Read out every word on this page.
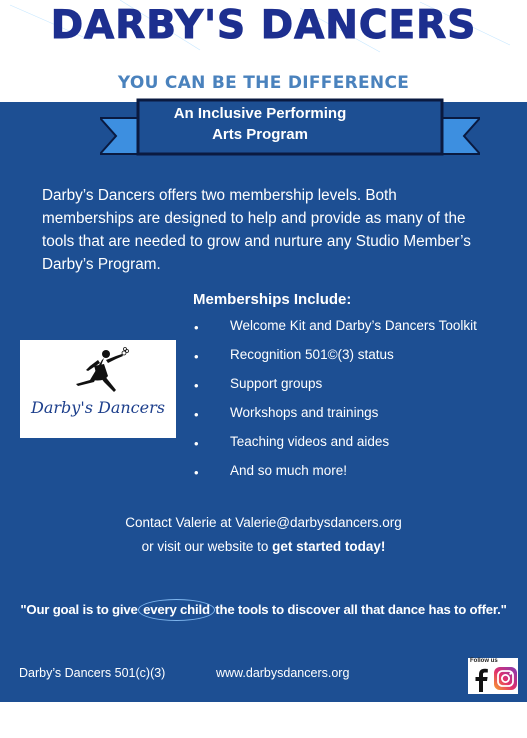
DARBY'S DANCERS
YOU CAN BE THE DIFFERENCE
An Inclusive Performing
Arts Program
Darby’s Dancers offers two membership levels. Both memberships are designed to help and provide as many of the tools that are needed to grow and nurture any Studio Member’s Darby’s Program.
Memberships Include:
• Welcome Kit and Darby’s Dancers Toolkit
• Recognition 501©(3) status
• Support groups
• Workshops and trainings
• Teaching videos and aides
• And so much more!
Darby's Dancers
Contact Valerie at Valerie@darbysdancers.org
or visit our website to get started today!
"Our goal is to give every child the tools to discover all that dance has to offer."
Darby’s Dancers 501(c)(3)	www.darbysdancers.org
Follow us
